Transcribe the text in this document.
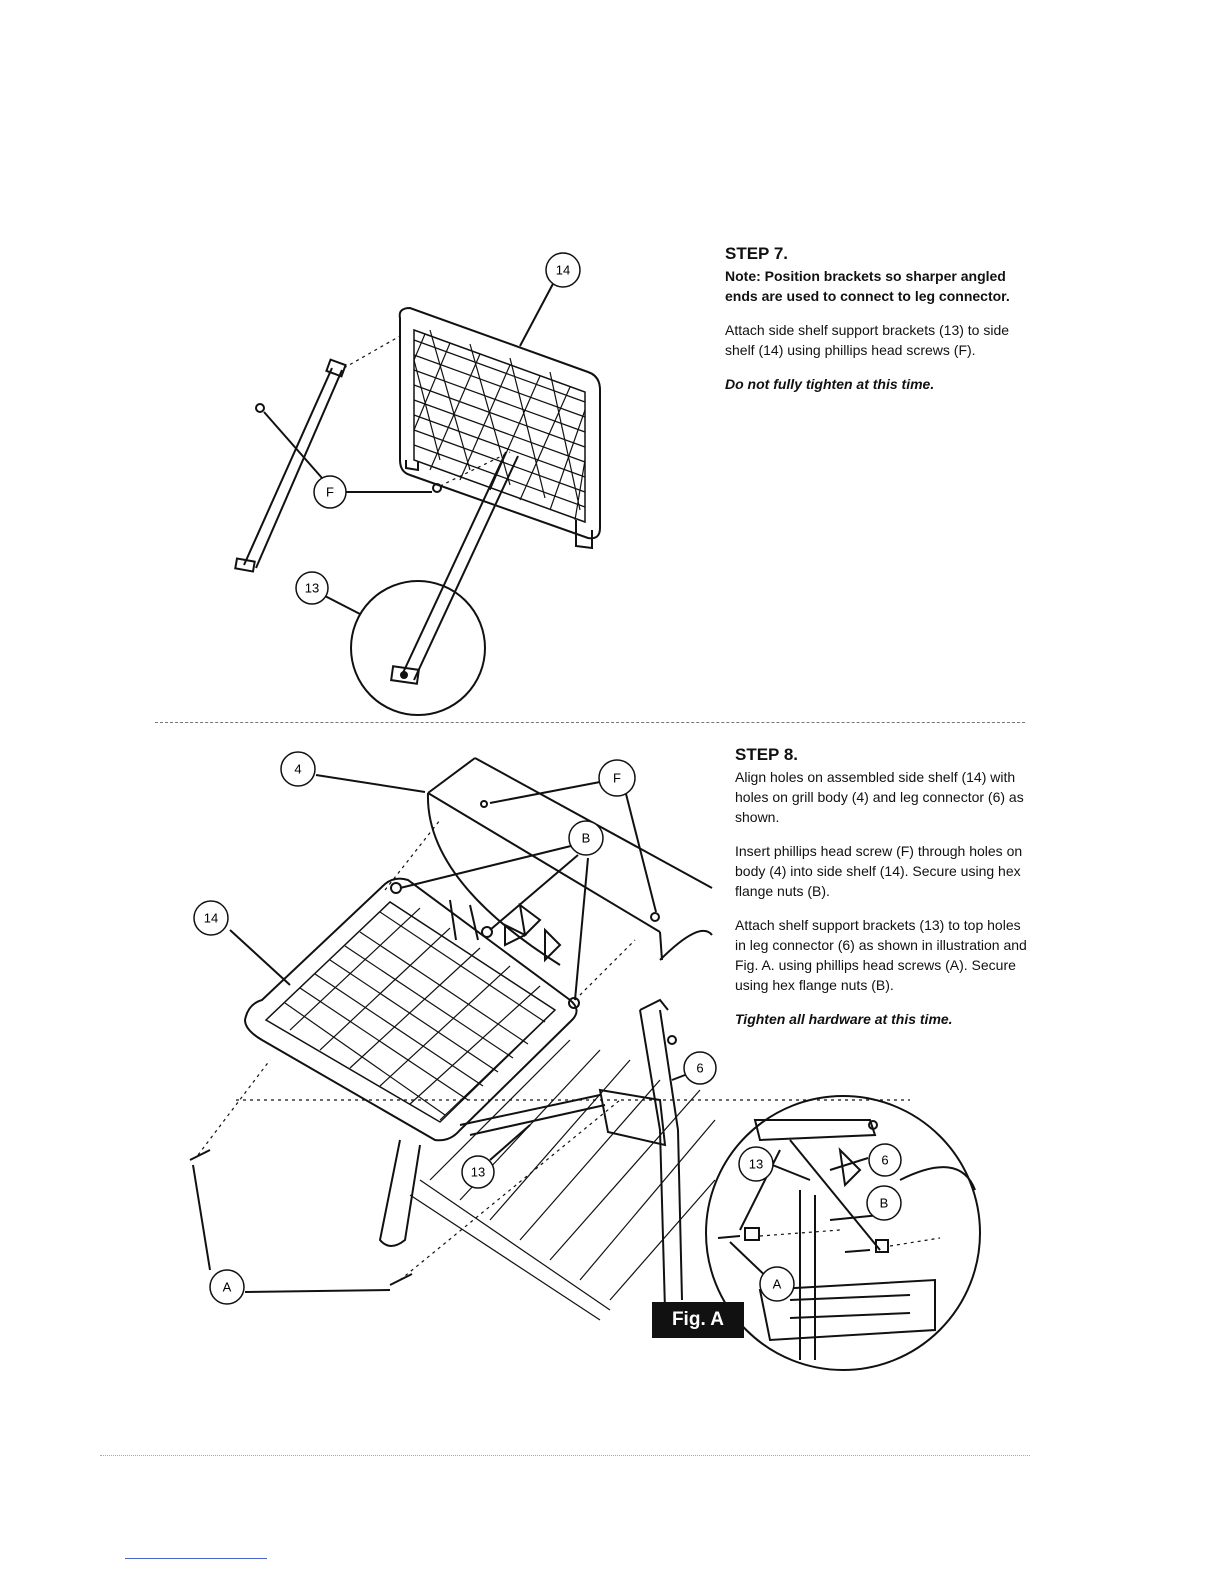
STEP 7.
Note: Position brackets so sharper angled ends are used to connect to leg connector.
Attach side shelf support brackets (13) to side shelf (14) using phillips head screws (F).
Do not fully tighten at this time.
STEP 8.
Align holes on assembled side shelf (14) with holes on grill body (4) and leg connector (6) as shown.
Insert phillips head screw (F) through holes on body (4) into side shelf (14). Secure using hex flange nuts (B).
Attach shelf support brackets (13) to top holes in leg connector (6) as shown in illustration and Fig. A. using phillips head screws (A). Secure using hex flange nuts (B).
Tighten all hardware at this time.
14
F
13
4
F
B
14
6
13
A
13	6
B
A
Fig. A
